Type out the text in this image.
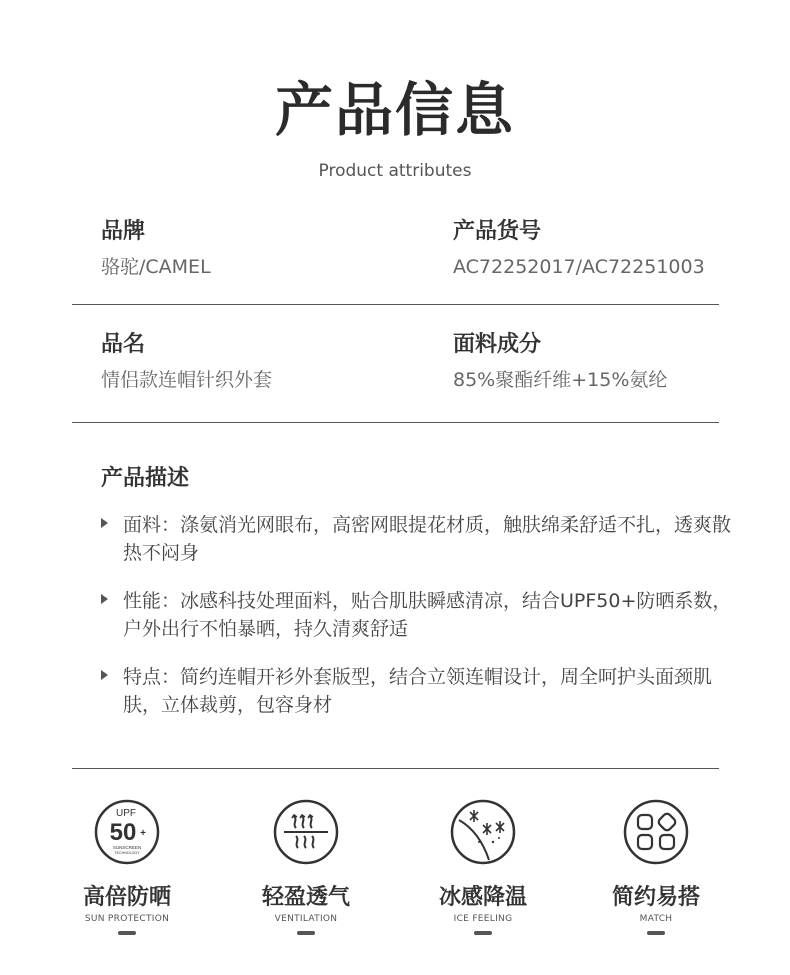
产品信息
Product attributes
品牌
骆驼/CAMEL
产品货号
AC72252017/AC72251003
品名
情侣款连帽针织外套
面料成分
85%聚酯纤维+15%氨纶
产品描述
面料：涤氨消光网眼布，高密网眼提花材质，触肤绵柔舒适不扎，透爽散热不闷身
性能：冰感科技处理面料，贴合肌肤瞬感清凉，结合UPF50+防晒系数，户外出行不怕暴晒，持久清爽舒适
特点：简约连帽开衫外套版型，结合立领连帽设计，周全呵护头面颈肌肤，立体裁剪，包容身材
UPF
50 +
SUNSCREEN
TECHNOLOGY
高倍防晒
SUN PROTECTION
轻盈透气
VENTILATION
冰感降温
ICE FEELING
简约易搭
MATCH
